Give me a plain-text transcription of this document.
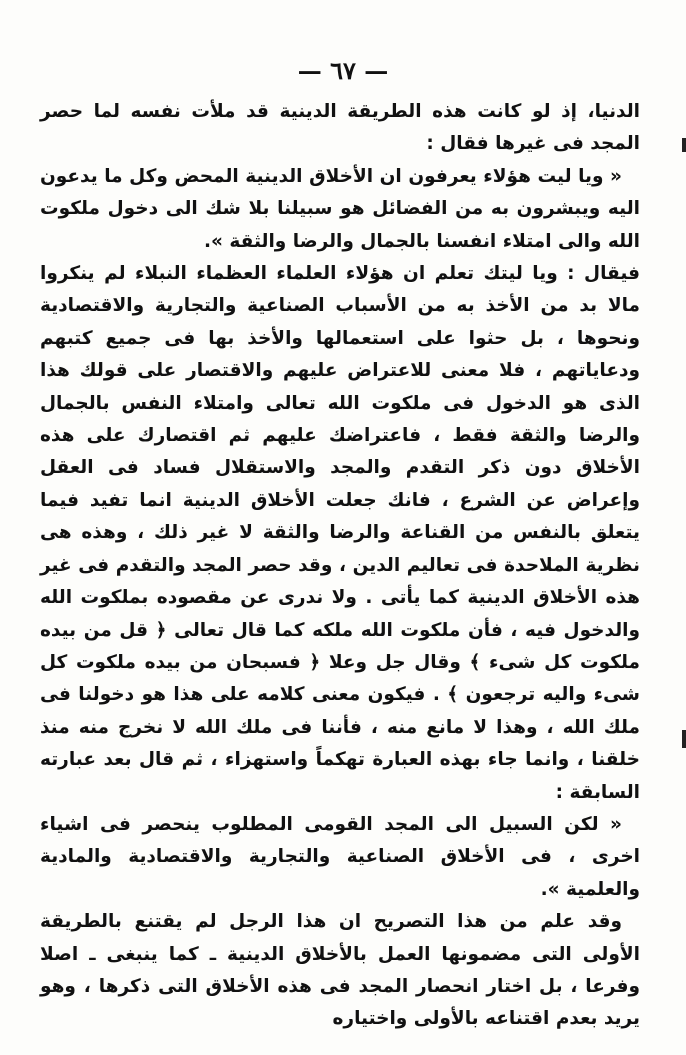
— ٦٧ —

الدنيا، إذ لو كانت هذه الطريقة الدينية قد ملأت نفسه لما حصر المجد فى غيرها فقال :

« ويا ليت هؤلاء يعرفون ان الأخلاق الدينية المحض وكل ما يدعون اليه ويبشرون به من الفضائل هو سبيلنا بلا شك الى دخول ملكوت الله والى امتلاء انفسنا بالجمال والرضا والثقة ».

فيقال : ويا ليتك تعلم ان هؤلاء العلماء العظماء النبلاء لم ينكروا مالا بد من الأخذ به من الأسباب الصناعية والتجارية والاقتصادية ونحوها ، بل حثوا على استعمالها والأخذ بها فى جميع كتبهم ودعاياتهم ، فلا معنى للاعتراض عليهم والاقتصار على قولك هذا الذى هو الدخول فى ملكوت الله تعالى وامتلاء النفس بالجمال والرضا والثقة فقط ، فاعتراضك عليهم ثم اقتصارك على هذه الأخلاق دون ذكر التقدم والمجد والاستقلال فساد فى العقل وإعراض عن الشرع ، فانك جعلت الأخلاق الدينية انما تفيد فيما يتعلق بالنفس من القناعة والرضا والثقة لا غير ذلك ، وهذه هى نظرية الملاحدة فى تعاليم الدين ، وقد حصر المجد والتقدم فى غير هذه الأخلاق الدينية كما يأتى . ولا ندرى عن مقصوده بملكوت الله والدخول فيه ، فأن ملكوت الله ملكه كما قال تعالى ﴿ قل من بيده ملكوت كل شىء ﴾ وقال جل وعلا ﴿ فسبحان من بيده ملكوت كل شىء واليه ترجعون ﴾ . فيكون معنى كلامه على هذا هو دخولنا فى ملك الله ، وهذا لا مانع منه ، فأننا فى ملك الله لا نخرج منه منذ خلقنا ، وانما جاء بهذه العبارة تهكماً واستهزاء ، ثم قال بعد عبارته السابقة :

« لكن السبيل الى المجد القومى المطلوب ينحصر فى اشياء اخرى ، فى الأخلاق الصناعية والتجارية والاقتصادية والمادية والعلمية ».

وقد علم من هذا التصريح ان هذا الرجل لم يقتنع بالطريقة الأولى التى مضمونها العمل بالأخلاق الدينية ـ كما ينبغى ـ اصلا وفرعا ، بل اختار انحصار المجد فى هذه الأخلاق التى ذكرها ، وهو يريد بعدم اقتناعه بالأولى واختياره
